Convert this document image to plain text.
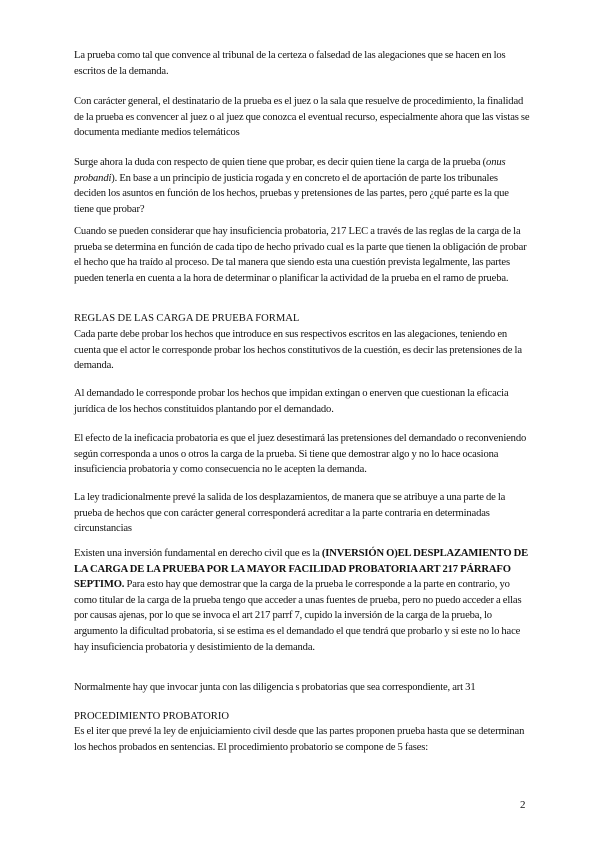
La prueba como tal que convence al tribunal de la certeza o falsedad de las alegaciones que se hacen en los escritos de la demanda.

Con carácter general, el destinatario de la prueba es el juez o la sala que resuelve de procedimiento, la finalidad de la prueba es convencer al juez o al juez que conozca el eventual recurso, especialmente ahora que las vistas se documenta mediante medios telemáticos

Surge ahora la duda con respecto de quien tiene que probar, es decir quien tiene la carga de la prueba (onus probandi). En base a un principio de justicia rogada y en concreto el de aportación de parte los tribunales deciden los asuntos en función de los hechos, pruebas y pretensiones de las partes, pero ¿qué parte es la que tiene que probar?

Cuando se pueden considerar que hay insuficiencia probatoria, 217 LEC a través de las reglas de la carga de la prueba se determina en función de cada tipo de hecho privado cual es la parte que tienen la obligación de probar el hecho que ha traído al proceso. De tal manera que siendo esta una cuestión prevista legalmente, las partes pueden tenerla en cuenta a la hora de determinar o planificar la actividad de la prueba en el ramo de prueba.

REGLAS DE LAS CARGA DE PRUEBA FORMAL

Cada parte debe probar los hechos que introduce en sus respectivos escritos en las alegaciones, teniendo en cuenta que el actor le corresponde probar los hechos constitutivos de la cuestión, es decir las pretensiones de la demanda.

Al demandado le corresponde probar los hechos que impidan extingan o enerven que cuestionan la eficacia jurídica de los hechos constituidos plantando por el demandado.

El efecto de la ineficacia probatoria es que el juez desestimará las pretensiones del demandado o reconveniendo según corresponda a unos o otros la carga de la prueba. Si tiene que demostrar algo y no lo hace ocasiona insuficiencia probatoria y como consecuencia no le acepten la demanda.

La ley tradicionalmente prevé la salida de los desplazamientos, de manera que se atribuye a una parte de la prueba de hechos que con carácter general corresponderá acreditar a la parte contraria en determinadas circunstancias

Existen una inversión fundamental en derecho civil que es la (INVERSIÓN O)EL DESPLAZAMIENTO DE LA CARGA DE LA PRUEBA POR LA MAYOR FACILIDAD PROBATORIA ART 217 PÁRRAFO SEPTIMO. Para esto hay que demostrar que la carga de la prueba le corresponde a la parte en contrario, yo como titular de la carga de la prueba tengo que acceder a unas fuentes de prueba, pero no puedo acceder a ellas por causas ajenas, por lo que se invoca el art 217 parrf 7, cupido la inversión de la carga de la prueba, lo argumento la dificultad probatoria, si se estima es el demandado el que tendrá que probarlo y si este no lo hace hay insuficiencia probatoria y desistimiento de la demanda.

Normalmente hay que invocar junta con las diligencia s probatorias que sea correspondiente, art 31

PROCEDIMIENTO PROBATORIO

Es el iter que prevé la ley de enjuiciamiento civil desde que las partes proponen prueba hasta que se determinan los hechos probados en sentencias. El procedimiento probatorio se compone de 5 fases:

2
